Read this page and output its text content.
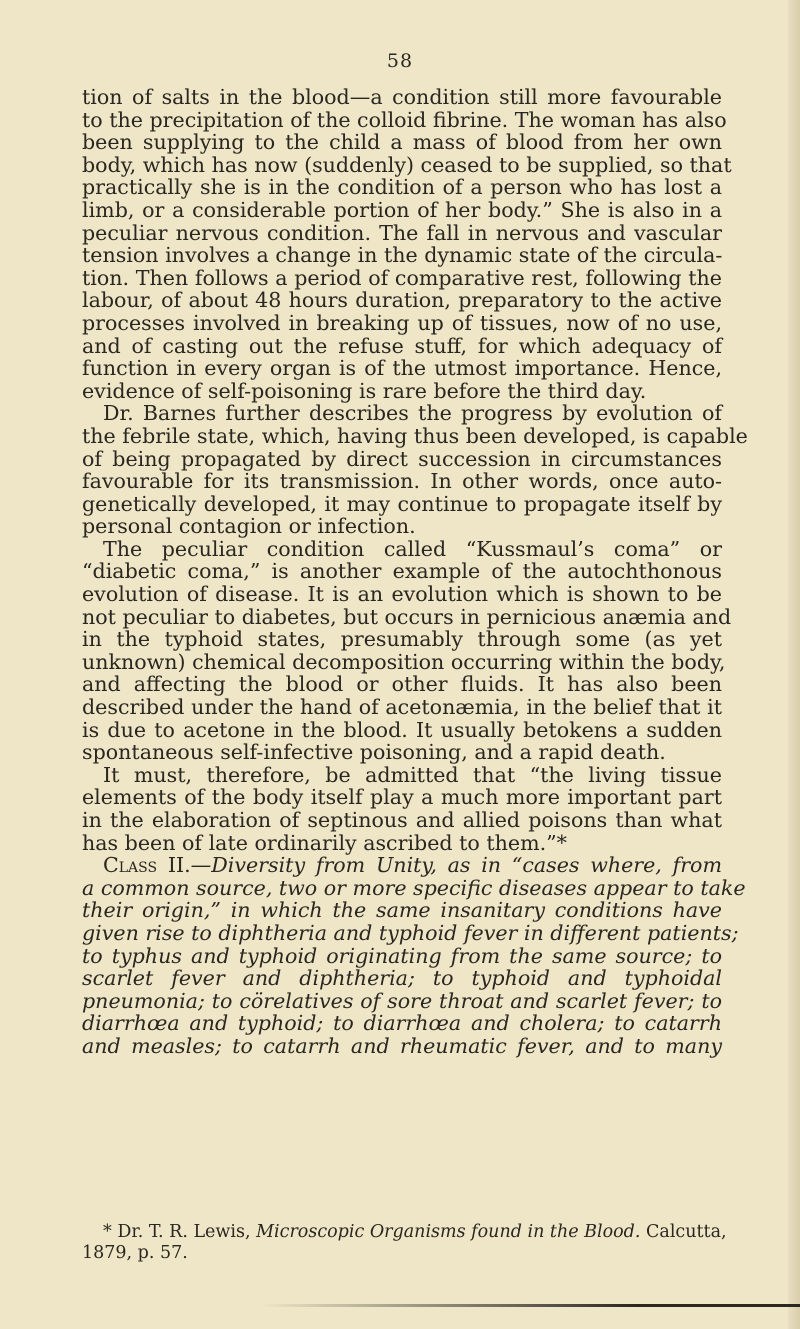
58
tion of salts in the blood—a condition still more favourable
to the precipitation of the colloid fibrine. The woman has also
been supplying to the child a mass of blood from her own
body, which has now (suddenly) ceased to be supplied, so that
practically she is in the condition of a person who has lost a
limb, or a considerable portion of her body.” She is also in a
peculiar nervous condition. The fall in nervous and vascular
tension involves a change in the dynamic state of the circula-
tion. Then follows a period of comparative rest, following the
labour, of about 48 hours duration, preparatory to the active
processes involved in breaking up of tissues, now of no use,
and of casting out the refuse stuff, for which adequacy of
function in every organ is of the utmost importance. Hence,
evidence of self-poisoning is rare before the third day.
Dr. Barnes further describes the progress by evolution of
the febrile state, which, having thus been developed, is capable
of being propagated by direct succession in circumstances
favourable for its transmission. In other words, once auto-
genetically developed, it may continue to propagate itself by
personal contagion or infection.
The peculiar condition called “Kussmaul’s coma” or
“diabetic coma,” is another example of the autochthonous
evolution of disease. It is an evolution which is shown to be
not peculiar to diabetes, but occurs in pernicious anæmia and
in the typhoid states, presumably through some (as yet
unknown) chemical decomposition occurring within the body,
and affecting the blood or other fluids. It has also been
described under the hand of acetonæmia, in the belief that it
is due to acetone in the blood. It usually betokens a sudden
spontaneous self-infective poisoning, and a rapid death.
It must, therefore, be admitted that “the living tissue
elements of the body itself play a much more important part
in the elaboration of septinous and allied poisons than what
has been of late ordinarily ascribed to them.”*
Class II.—Diversity from Unity, as in “cases where, from
a common source, two or more specific diseases appear to take
their origin,” in which the same insanitary conditions have
given rise to diphtheria and typhoid fever in different patients;
to typhus and typhoid originating from the same source; to
scarlet fever and diphtheria; to typhoid and typhoidal
pneumonia; to cörelatives of sore throat and scarlet fever; to
diarrhœa and typhoid; to diarrhœa and cholera; to catarrh
and measles; to catarrh and rheumatic fever, and to many
* Dr. T. R. Lewis, Microscopic Organisms found in the Blood. Calcutta,
1879, p. 57.
